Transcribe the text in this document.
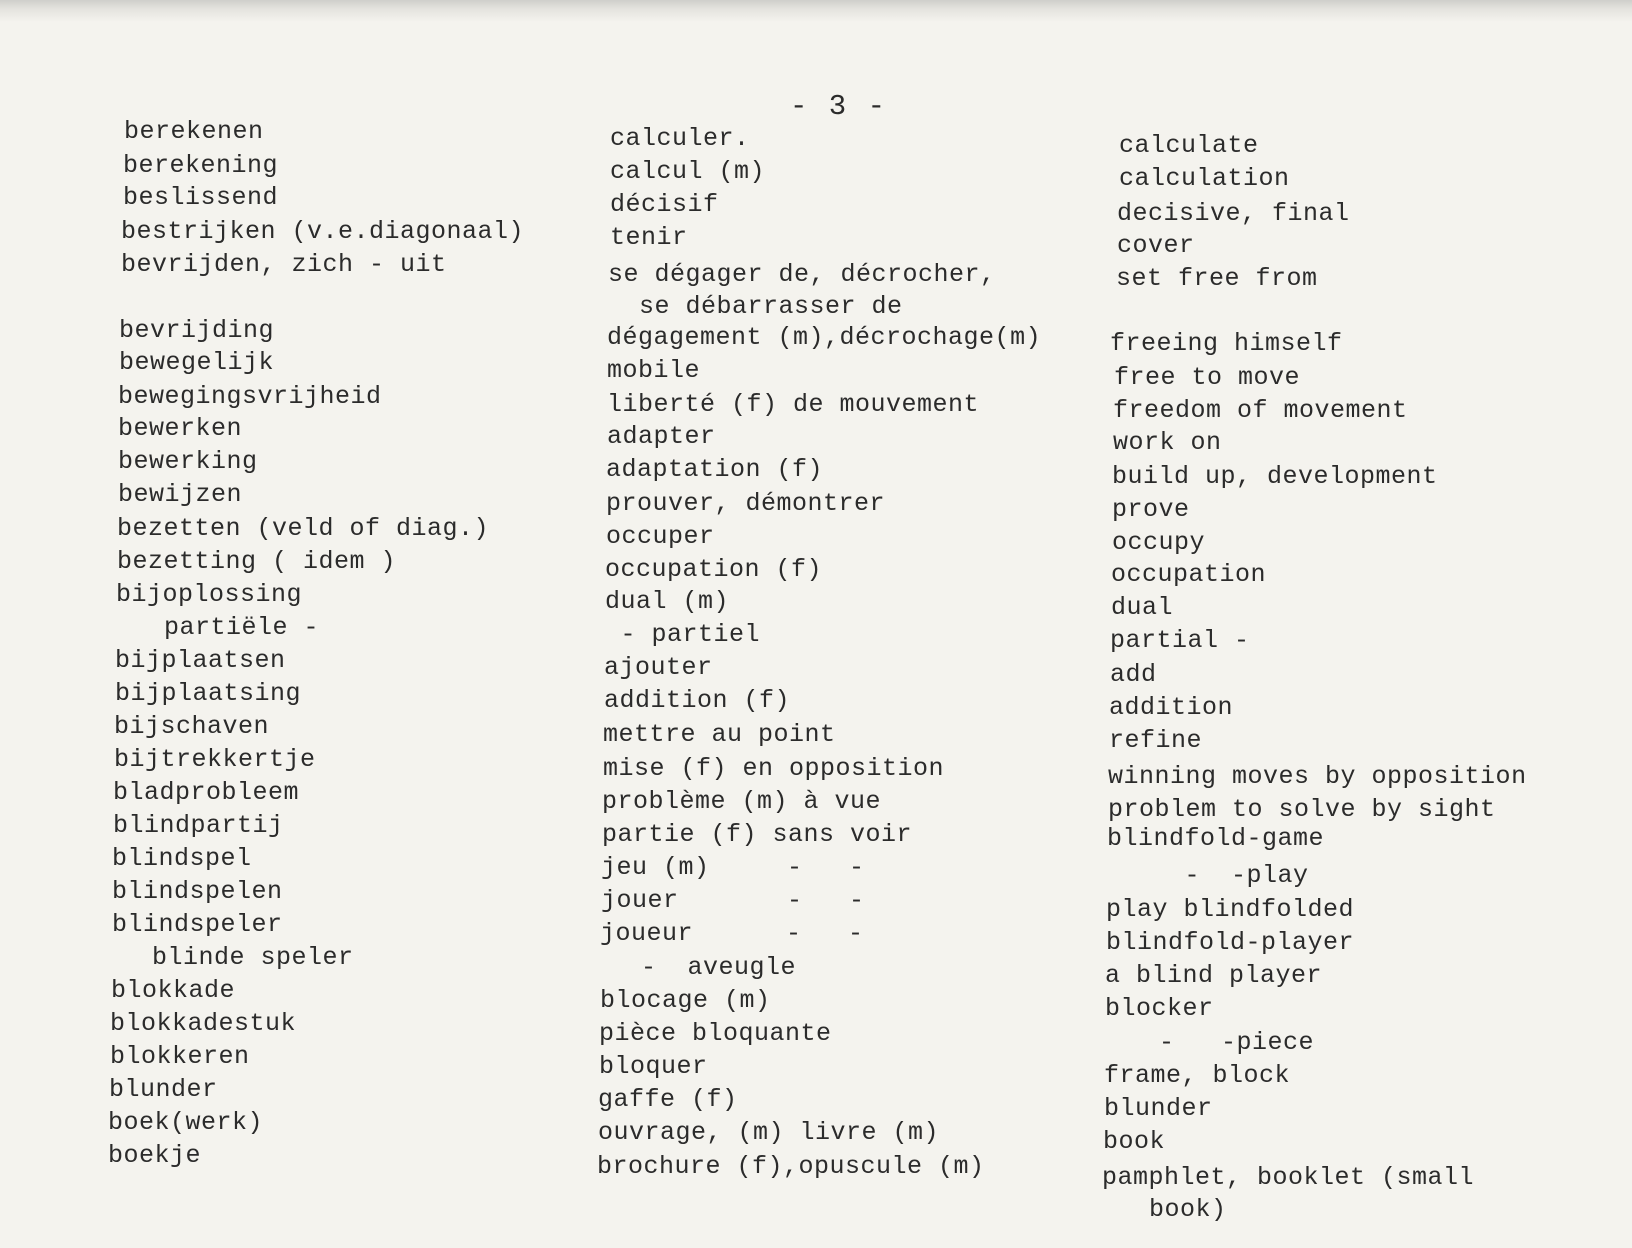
- 3 -
berekenen
berekening
beslissend
bestrijken (v.e.diagonaal)
bevrijden, zich - uit
bevrijding
bewegelijk
bewegingsvrijheid
bewerken
bewerking
bewijzen
bezetten (veld of diag.)
bezetting ( idem )
bijoplossing
partiële -
bijplaatsen
bijplaatsing
bijschaven
bijtrekkertje
bladprobleem
blindpartij
blindspel
blindspelen
blindspeler
blinde speler
blokkade
blokkadestuk
blokkeren
blunder
boek(werk)
boekje
calculer.
calcul (m)
décisif
tenir
se dégager de, décrocher,
se débarrasser de
dégagement (m),décrochage(m)
mobile
liberté (f) de mouvement
adapter
adaptation (f)
prouver, démontrer
occuper
occupation (f)
dual (m)
- partiel
ajouter
addition (f)
mettre au point
mise (f) en opposition
problème (m) à vue
partie (f) sans voir
jeu (m)     -   -
jouer       -   -
joueur      -   -
-  aveugle
blocage (m)
pièce bloquante
bloquer
gaffe (f)
ouvrage, (m) livre (m)
brochure (f),opuscule (m)
calculate
calculation
decisive, final
cover
set free from
freeing himself
free to move
freedom of movement
work on
build up, development
prove
occupy
occupation
dual
partial -
add
addition
refine
winning moves by opposition
problem to solve by sight
blindfold-game
-  -play
play blindfolded
blindfold-player
a blind player
blocker
-   -piece
frame, block
blunder
book
pamphlet, booklet (small
book)
